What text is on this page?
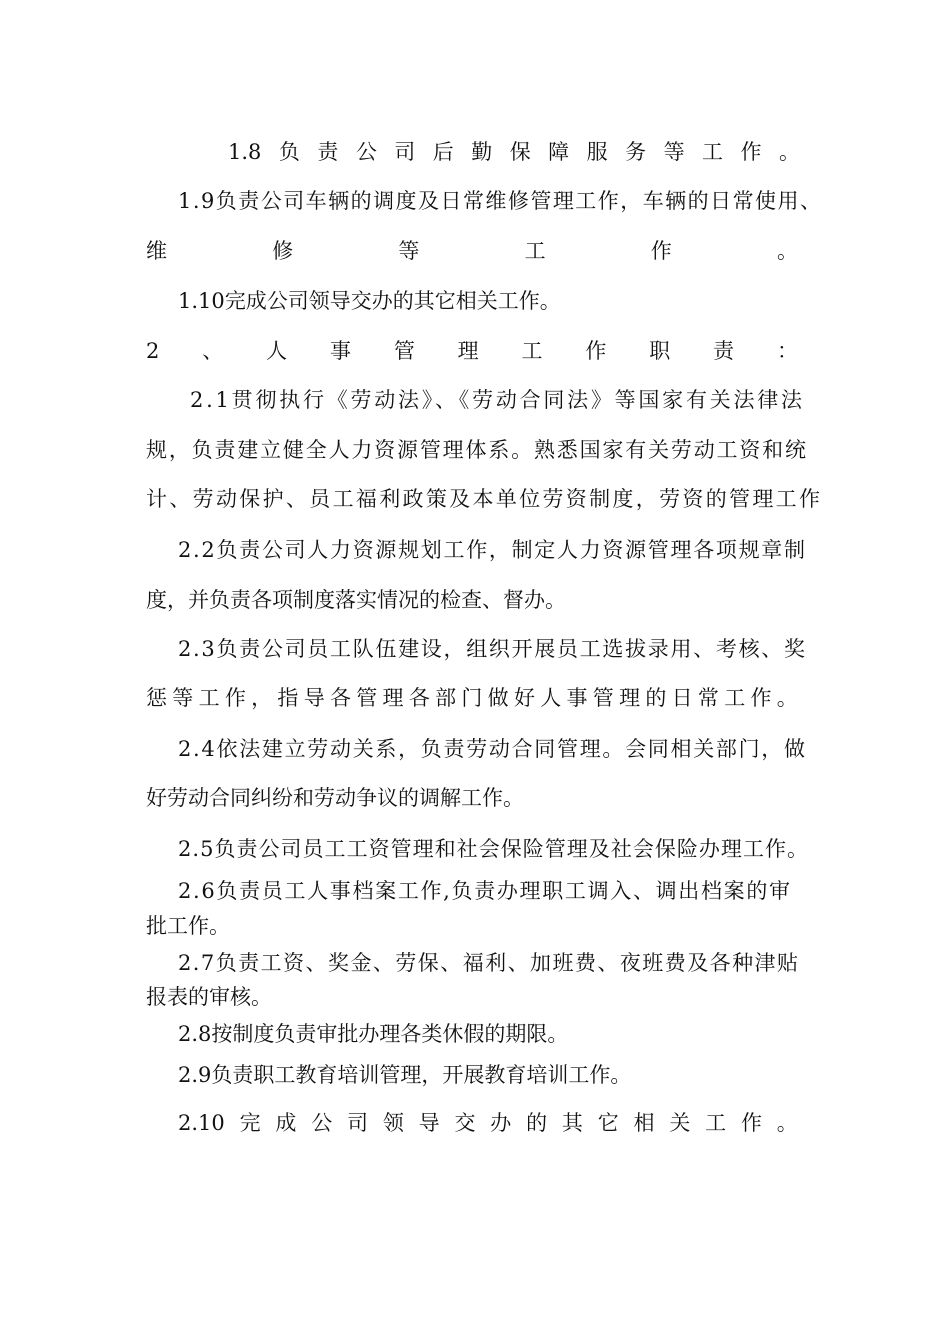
1.8 负 责 公 司 后 勤 保 障 服 务 等 工 作 。
1.9负责公司车辆的调度及日常维修管理工作，车辆的日常使用、
维	修	等	工	作	。
1.10完成公司领导交办的其它相关工作。
2 、 人 事 管 理 工 作 职 责 ：
2.1贯彻执行《劳动法》、《劳动合同法》等国家有关法律法
规，负责建立健全人力资源管理体系。熟悉国家有关劳动工资和统
计、劳动保护、员工福利政策及本单位劳资制度，劳资的管理工作
2.2负责公司人力资源规划工作，制定人力资源管理各项规章制
度，并负责各项制度落实情况的检查、督办。
2.3负责公司员工队伍建设，组织开展员工选拔录用、考核、奖
惩 等 工 作 ， 指 导 各 管 理 各 部 门 做 好 人 事 管 理 的 日 常 工 作 。
2.4依法建立劳动关系，负责劳动合同管理。会同相关部门，做
好劳动合同纠纷和劳动争议的调解工作。
2.5负责公司员工工资管理和社会保险管理及社会保险办理工作。
2.6负责员工人事档案工作,负责办理职工调入、调出档案的审
批工作。
2.7负责工资、奖金、劳保、福利、加班费、夜班费及各种津贴
报表的审核。
2.8按制度负责审批办理各类休假的期限。
2.9负责职工教育培训管理，开展教育培训工作。
2.10 完 成 公 司 领 导 交 办 的 其 它 相 关 工 作 。
